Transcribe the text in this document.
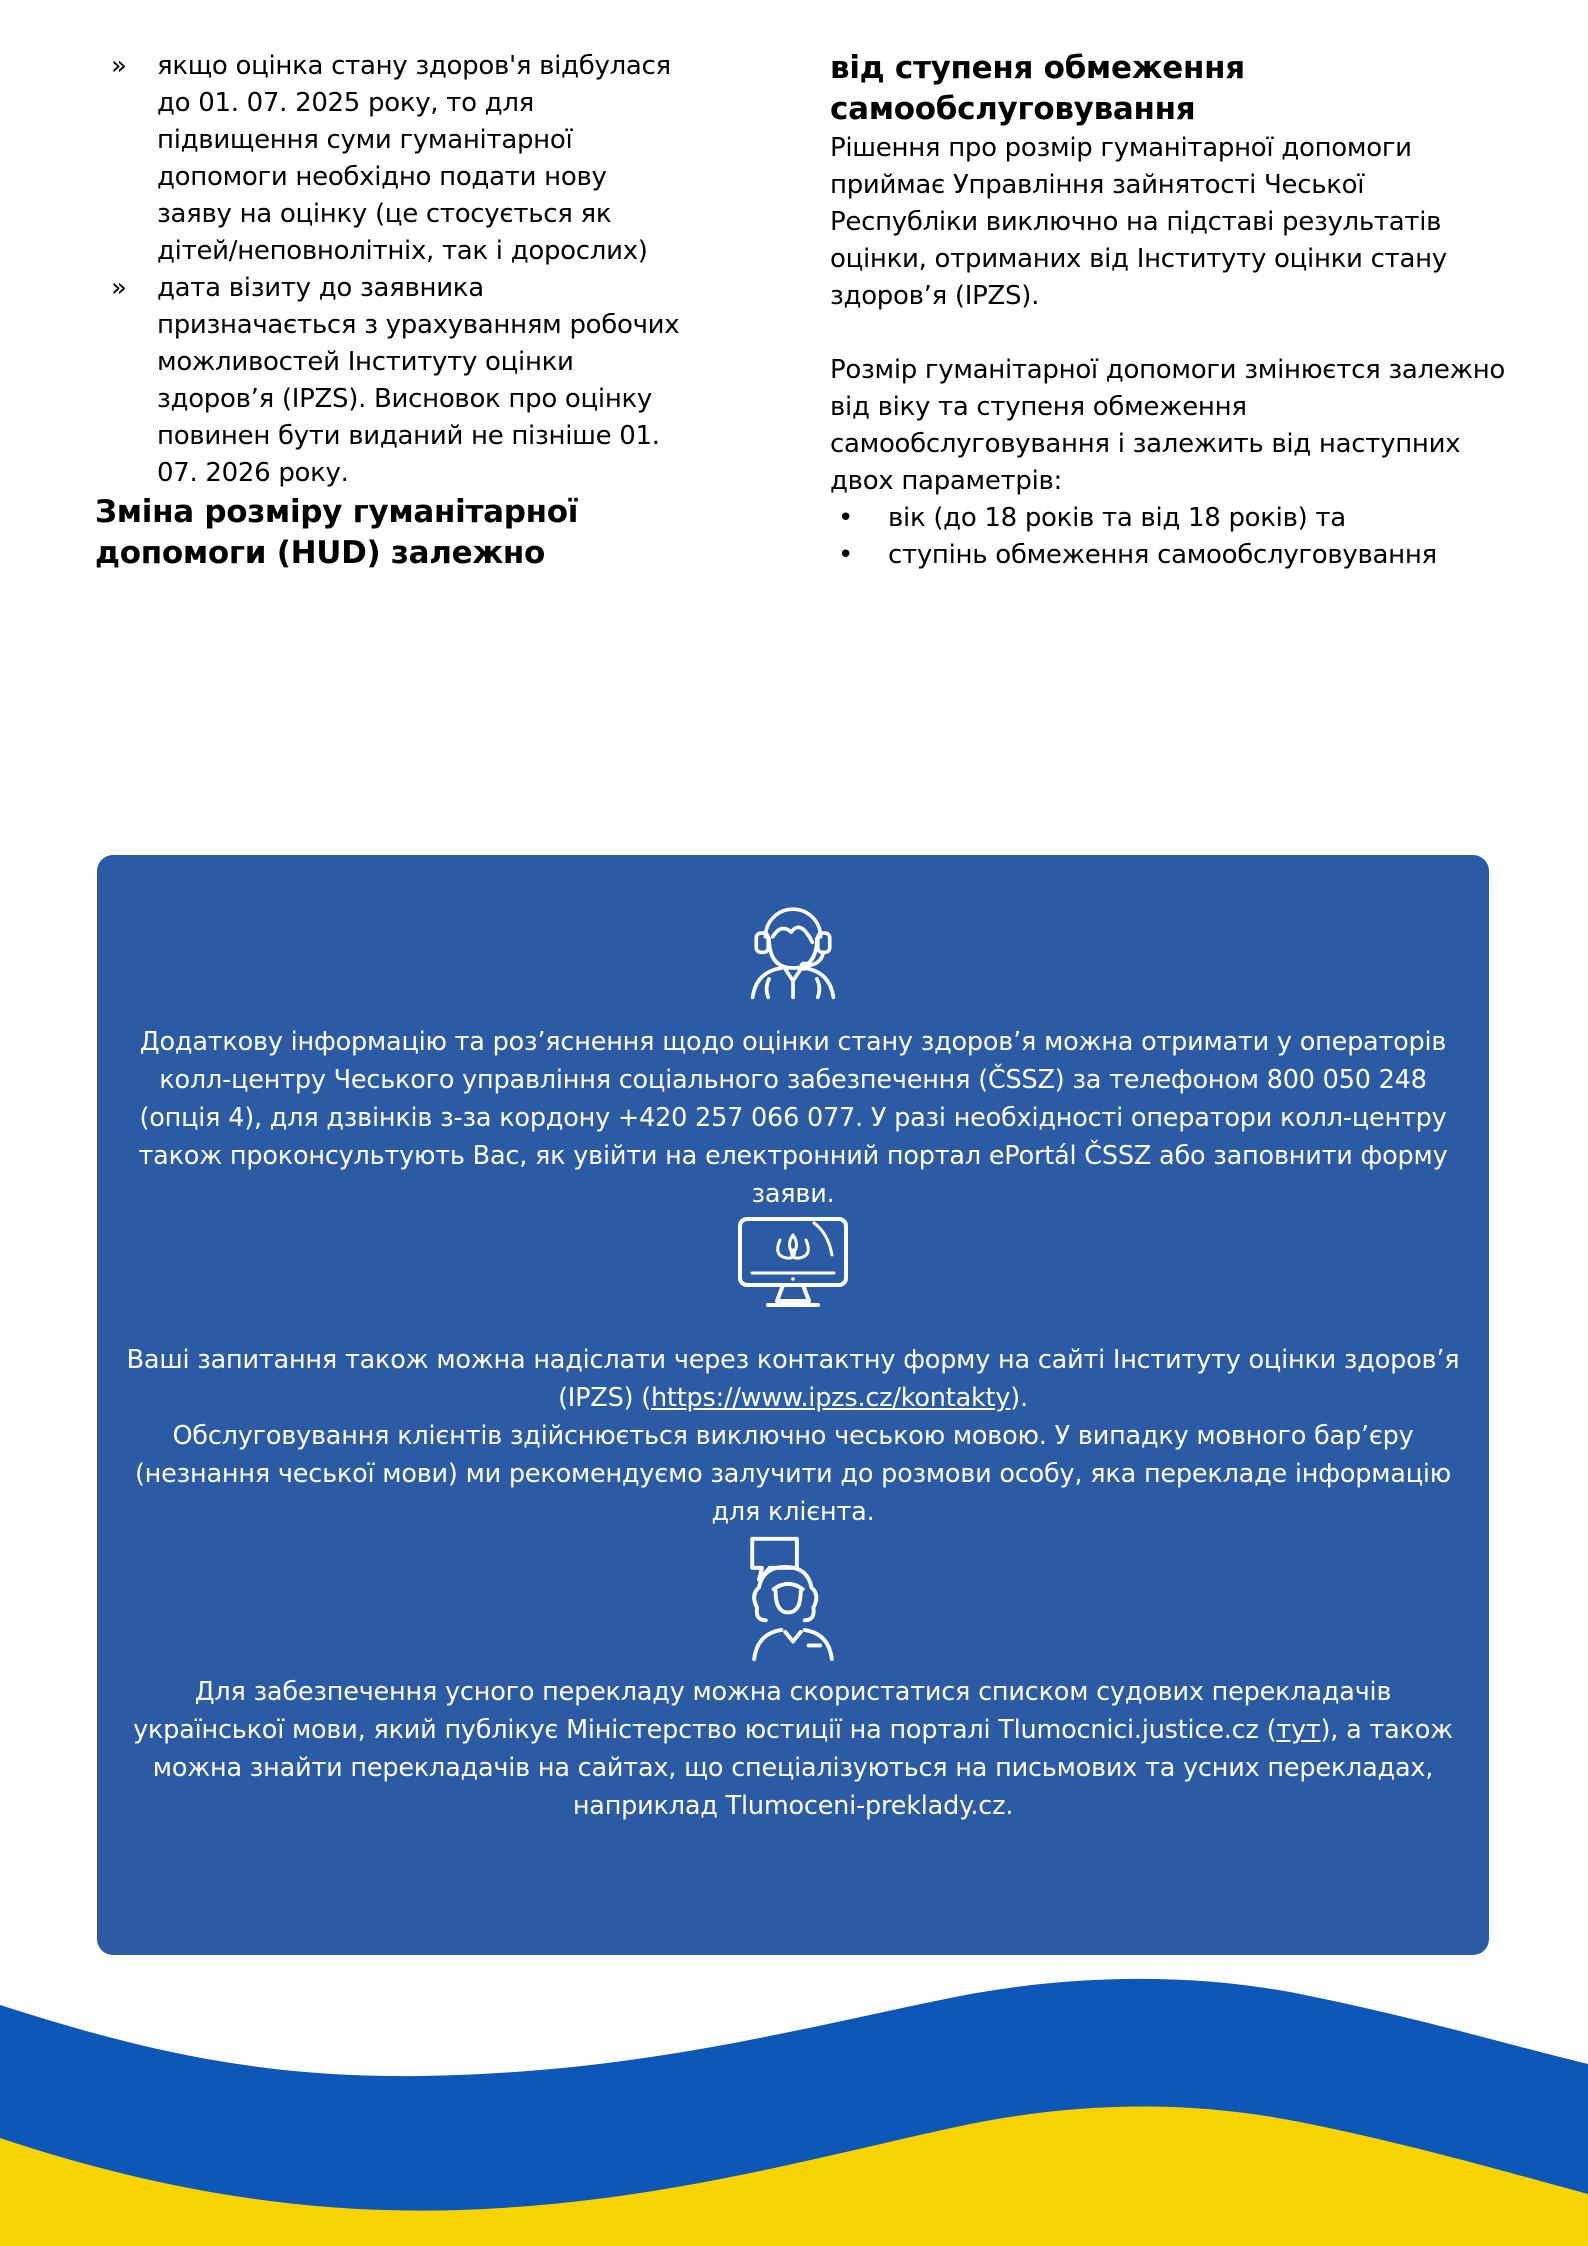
»	якщо оцінка стану здоров'я відбулася до 01. 07. 2025 року, то для підвищення суми гуманітарної допомоги необхідно подати нову заяву на оцінку (це стосується як дітей/неповнолітніх, так і дорослих)
»	дата візиту до заявника призначається з урахуванням робочих можливостей Інституту оцінки здоров’я (IPZS). Висновок про оцінку повинен бути виданий не пізніше 01. 07. 2026 року.
Зміна розміру гуманітарної допомоги (HUD) залежно
від ступеня обмеження самообслуговування

Рішення про розмір гуманітарної допомоги приймає Управління зайнятості Чеської Республіки виключно на підставі результатів оцінки, отриманих від Інституту оцінки стану здоров’я (IPZS).

Розмір гуманітарної допомоги змінюєтся залежно від віку та ступеня обмеження самообслуговування і залежить від наступних двох параметрів:

•	вік (до 18 років та від 18 років) та
•	ступінь обмеження самообслуговування

Додаткову інформацію та роз’яснення щодо оцінки стану здоров’я можна отримати у операторів колл-центру Чеського управління соціального забезпечення (ČSSZ) за телефоном 800 050 248 (опція 4), для дзвінків з-за кордону +420 257 066 077. У разі необхідності оператори колл-центру також проконсультують Вас, як увійти на електронний портал ePortál ČSSZ або заповнити форму заяви.

Ваші запитання також можна надіслати через контактну форму на сайті Інституту оцінки здоров’я (IPZS) (https://www.ipzs.cz/kontakty).
Обслуговування клієнтів здійснюється виключно чеською мовою. У випадку мовного бар’єру (незнання чеської мови) ми рекомендуємо залучити до розмови особу, яка перекладе інформацію для клієнта.

Для забезпечення усного перекладу можна скористатися списком судових перекладачів української мови, який публікує Міністерство юстиції на порталі Tlumocnici.justice.cz (тут), а також можна знайти перекладачів на сайтах, що спеціалізуються на письмових та усних перекладах, наприклад Tlumoceni-preklady.cz.
